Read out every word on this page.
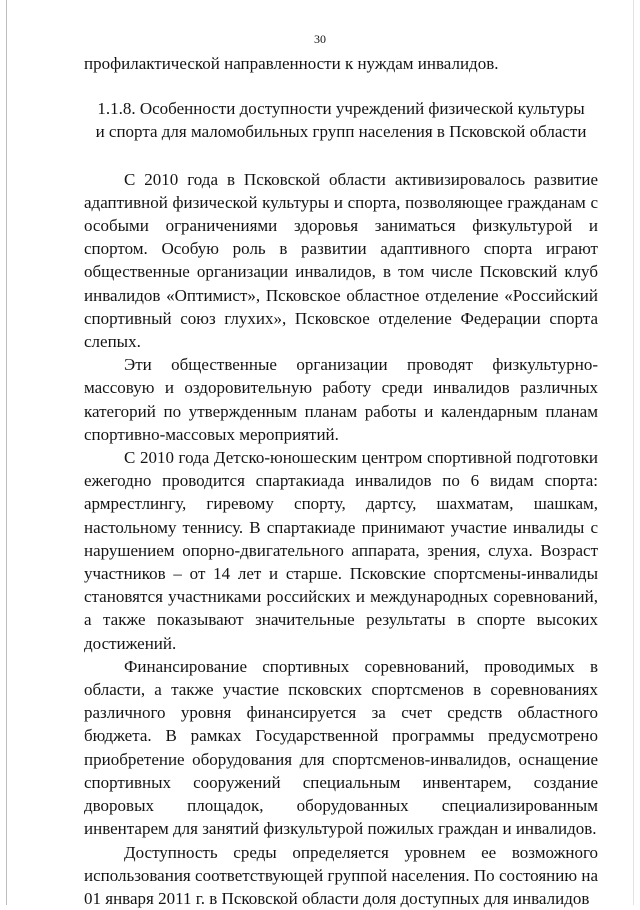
30

профилактической направленности к нуждам инвалидов.

1.1.8. Особенности доступности учреждений физической культуры
и спорта для маломобильных групп населения в Псковской области

С 2010 года в Псковской области активизировалось развитие адаптивной физической культуры и спорта, позволяющее гражданам с особыми ограничениями здоровья заниматься физкультурой и спортом. Особую роль в развитии адаптивного спорта играют общественные организации инвалидов, в том числе Псковский клуб инвалидов «Оптимист», Псковское областное отделение «Российский спортивный союз глухих», Псковское отделение Федерации спорта слепых.

Эти общественные организации проводят физкультурно-массовую и оздоровительную работу среди инвалидов различных категорий по утвержденным планам работы и календарным планам спортивно-массовых мероприятий.

С 2010 года Детско-юношеским центром спортивной подготовки ежегодно проводится спартакиада инвалидов по 6 видам спорта: армрестлингу, гиревому спорту, дартсу, шахматам, шашкам, настольному теннису. В спартакиаде принимают участие инвалиды с нарушением опорно-двигательного аппарата, зрения, слуха. Возраст участников – от 14 лет и старше. Псковские спортсмены-инвалиды становятся участниками российских и международных соревнований, а также показывают значительные результаты в спорте высоких достижений.

Финансирование спортивных соревнований, проводимых в области, а также участие псковских спортсменов в соревнованиях различного уровня финансируется за счет средств областного бюджета. В рамках Государственной программы предусмотрено приобретение оборудования для спортсменов-инвалидов, оснащение спортивных сооружений специальным инвентарем, создание дворовых площадок, оборудованных специализированным инвентарем для занятий физкультурой пожилых граждан и инвалидов.

Доступность среды определяется уровнем ее возможного использования соответствующей группой населения. По состоянию на 01 января 2011 г. в Псковской области доля доступных для инвалидов
